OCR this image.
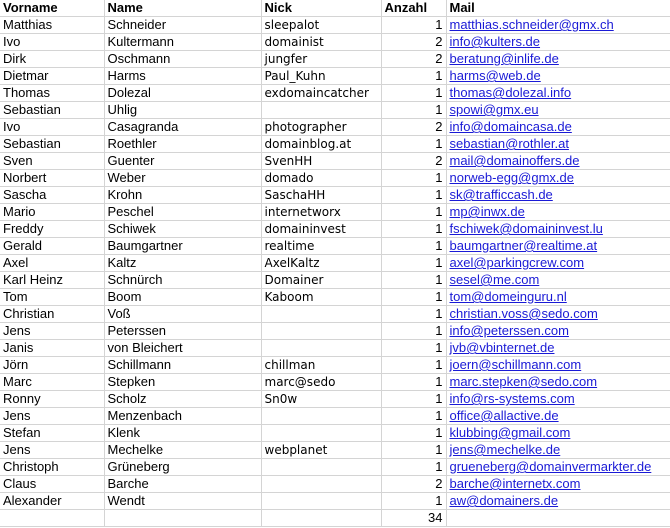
Vorname	Name	Nick	Anzahl	Mail
Matthias	Schneider	sleepalot	1	matthias.schneider@gmx.ch
Ivo	Kultermann	domainist	2	info@kulters.de
Dirk	Oschmann	jungfer	2	beratung@inlife.de
Dietmar	Harms	Paul_Kuhn	1	harms@web.de
Thomas	Dolezal	exdomaincatcher	1	thomas@dolezal.info
Sebastian	Uhlig		1	spowi@gmx.eu
Ivo	Casagranda	photographer	2	info@domaincasa.de
Sebastian	Roethler	domainblog.at	1	sebastian@rothler.at
Sven	Guenter	SvenHH	2	mail@domainoffers.de
Norbert	Weber	domado	1	norweb-egg@gmx.de
Sascha	Krohn	SaschaHH	1	sk@trafficcash.de
Mario	Peschel	internetworx	1	mp@inwx.de
Freddy	Schiwek	domaininvest	1	fschiwek@domaininvest.lu
Gerald	Baumgartner	realtime	1	baumgartner@realtime.at
Axel	Kaltz	AxelKaltz	1	axel@parkingcrew.com
Karl Heinz	Schnürch	Domainer	1	sesel@me.com
Tom	Boom	Kaboom	1	tom@domeinguru.nl
Christian	Voß		1	christian.voss@sedo.com
Jens	Peterssen		1	info@peterssen.com
Janis	von Bleichert		1	jvb@vbinternet.de
Jörn	Schillmann	chillman	1	joern@schillmann.com
Marc	Stepken	marc@sedo	1	marc.stepken@sedo.com
Ronny	Scholz	Sn0w	1	info@rs-systems.com
Jens	Menzenbach		1	office@allactive.de
Stefan	Klenk		1	klubbing@gmail.com
Jens	Mechelke	webplanet	1	jens@mechelke.de
Christoph	Grüneberg		1	grueneberg@domainvermarkter.de
Claus	Barche		2	barche@internetx.com
Alexander	Wendt		1	aw@domainers.de
			34	
